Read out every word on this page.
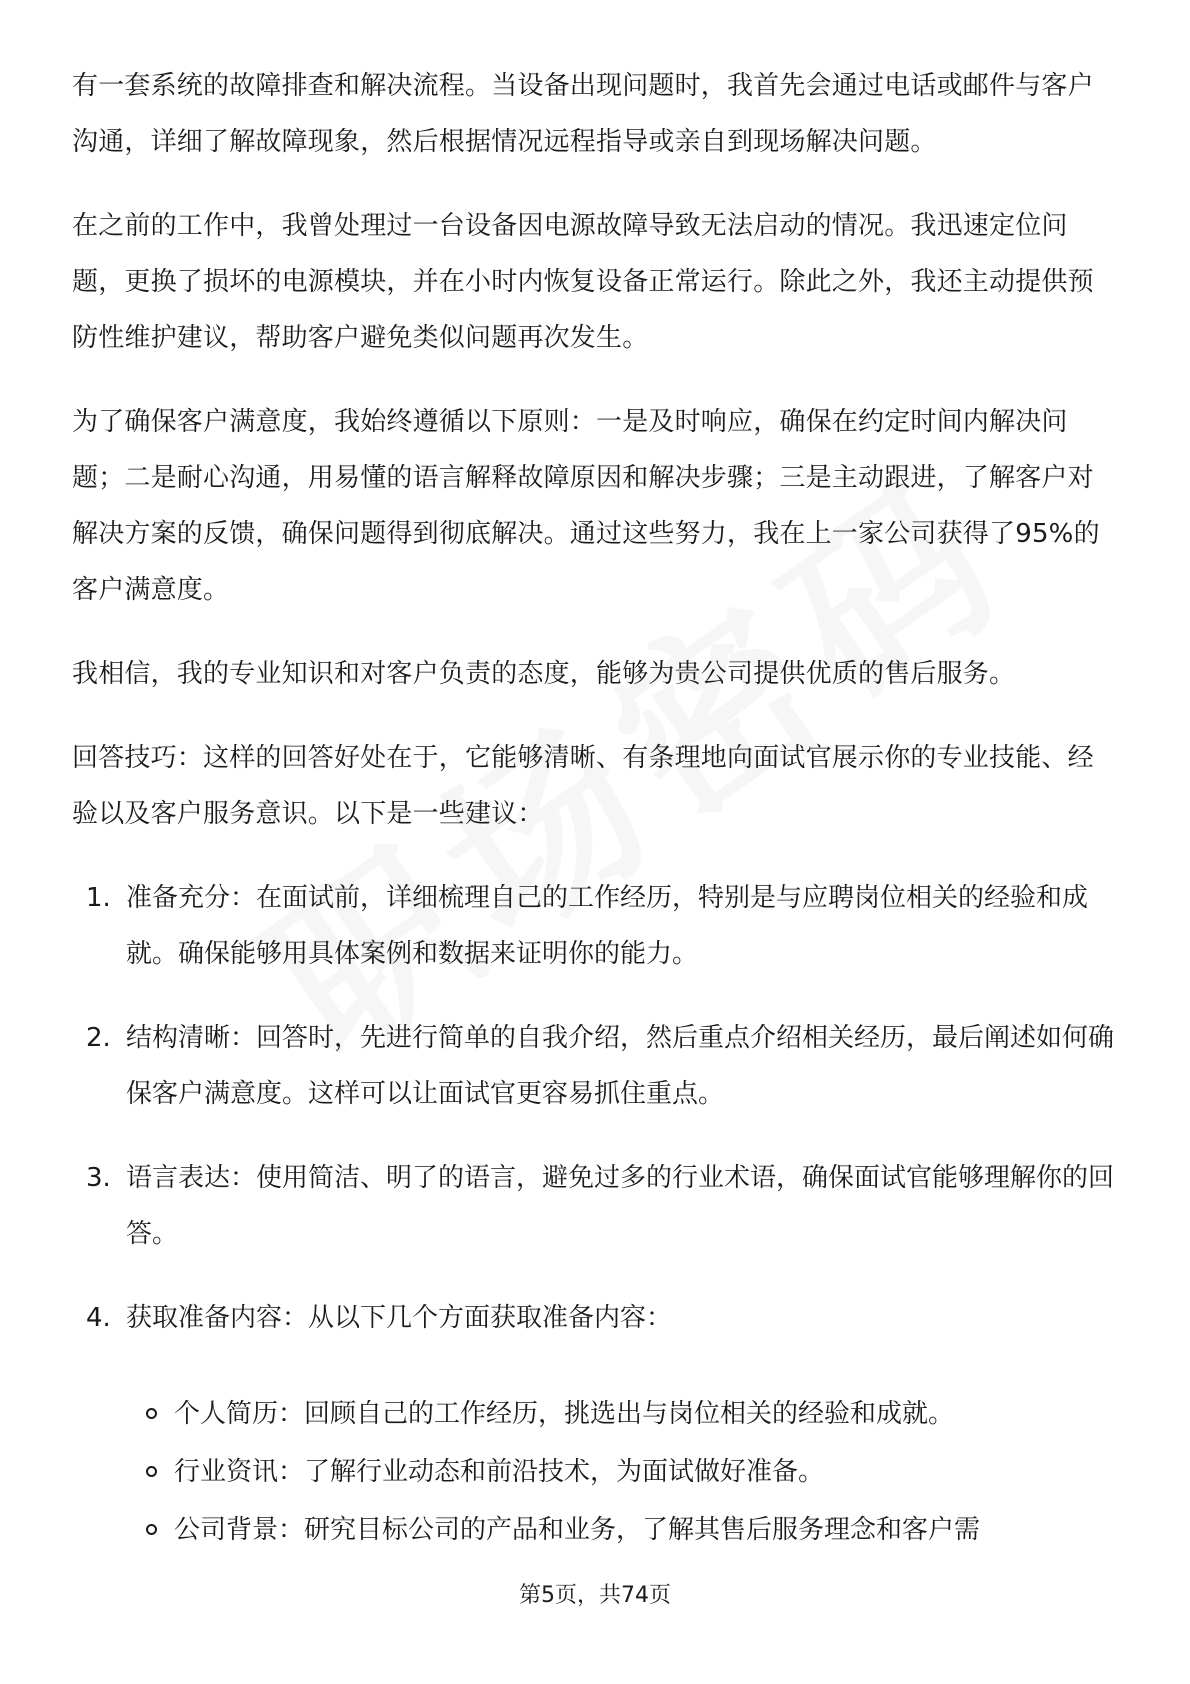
有一套系统的故障排查和解决流程。当设备出现问题时，我首先会通过电话或邮件与客户沟通，详细了解故障现象，然后根据情况远程指导或亲自到现场解决问题。

在之前的工作中，我曾处理过一台设备因电源故障导致无法启动的情况。我迅速定位问题，更换了损坏的电源模块，并在小时内恢复设备正常运行。除此之外，我还主动提供预防性维护建议，帮助客户避免类似问题再次发生。

为了确保客户满意度，我始终遵循以下原则：一是及时响应，确保在约定时间内解决问题；二是耐心沟通，用易懂的语言解释故障原因和解决步骤；三是主动跟进，了解客户对解决方案的反馈，确保问题得到彻底解决。通过这些努力，我在上一家公司获得了95%的客户满意度。

我相信，我的专业知识和对客户负责的态度，能够为贵公司提供优质的售后服务。

回答技巧：这样的回答好处在于，它能够清晰、有条理地向面试官展示你的专业技能、经验以及客户服务意识。以下是一些建议：

1. 准备充分：在面试前，详细梳理自己的工作经历，特别是与应聘岗位相关的经验和成就。确保能够用具体案例和数据来证明你的能力。
2. 结构清晰：回答时，先进行简单的自我介绍，然后重点介绍相关经历，最后阐述如何确保客户满意度。这样可以让面试官更容易抓住重点。
3. 语言表达：使用简洁、明了的语言，避免过多的行业术语，确保面试官能够理解你的回答。
4. 获取准备内容：从以下几个方面获取准备内容：
个人简历：回顾自己的工作经历，挑选出与岗位相关的经验和成就。
行业资讯：了解行业动态和前沿技术，为面试做好准备。
公司背景：研究目标公司的产品和业务，了解其售后服务理念和客户需
第5页，共74页
